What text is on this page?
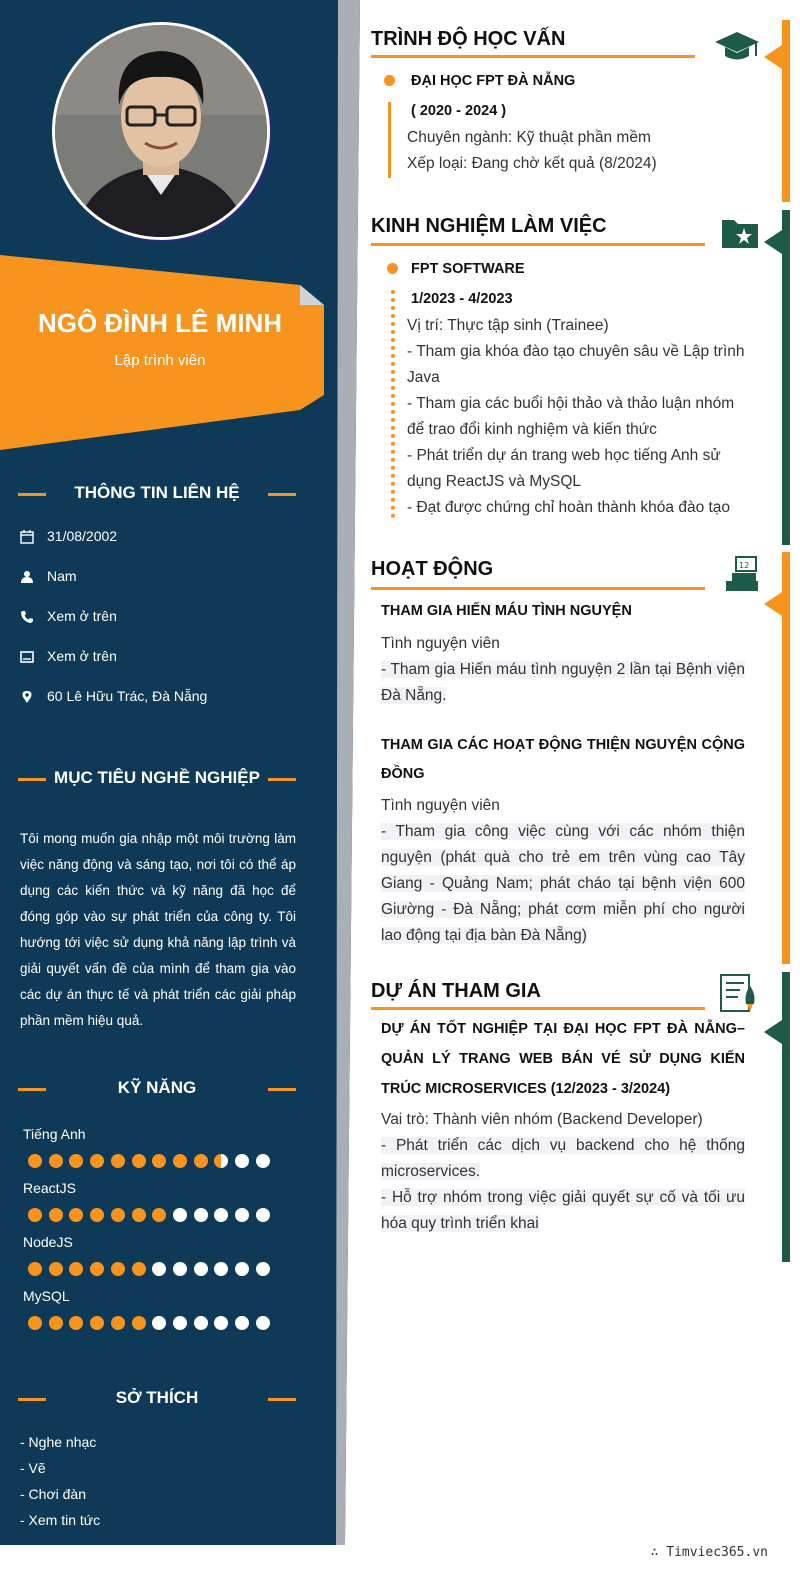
NGÔ ĐÌNH LÊ MINH
Lập trình viên
THÔNG TIN LIÊN HỆ
31/08/2002
Nam
Xem ở trên
Xem ở trên
60 Lê Hữu Trác, Đà Nẵng
MỤC TIÊU NGHỀ NGHIỆP
Tôi mong muốn gia nhập một môi trường làm việc năng động và sáng tạo, nơi tôi có thể áp dụng các kiến thức và kỹ năng đã học để đóng góp vào sự phát triển của công ty. Tôi hướng tới việc sử dụng khả năng lập trình và giải quyết vấn đề của mình để tham gia vào các dự án thực tế và phát triển các giải pháp phần mềm hiệu quả.
KỸ NĂNG
Tiếng Anh
ReactJS
NodeJS
MySQL
SỞ THÍCH
- Nghe nhạc
- Vẽ
- Chơi đàn
- Xem tin tức
TRÌNH ĐỘ HỌC VẤN
ĐẠI HỌC FPT ĐÀ NẴNG
( 2020 - 2024 )
Chuyên ngành: Kỹ thuật phần mềm
Xếp loại: Đang chờ kết quả (8/2024)
KINH NGHIỆM LÀM VIỆC
FPT SOFTWARE
1/2023 - 4/2023
Vị trí: Thực tập sinh (Trainee)
- Tham gia khóa đào tạo chuyên sâu về Lập trình
Java
- Tham gia các buổi hội thảo và thảo luận nhóm
để trao đổi kinh nghiệm và kiến thức
- Phát triển dự án trang web học tiếng Anh sử
dụng ReactJS và MySQL
- Đạt được chứng chỉ hoàn thành khóa đào tạo
HOẠT ĐỘNG	12
THAM GIA HIẾN MÁU TÌNH NGUYỆN
Tình nguyện viên
- Tham gia Hiến máu tình nguyện 2 lần tại Bệnh viện Đà Nẵng.
THAM GIA CÁC HOẠT ĐỘNG THIỆN NGUYỆN CỘNG ĐỒNG
Tình nguyện viên
- Tham gia công việc cùng với các nhóm thiện nguyện (phát quà cho trẻ em trên vùng cao Tây Giang - Quảng Nam; phát cháo tại bệnh viện 600 Giường - Đà Nẵng; phát cơm miễn phí cho người lao động tại địa bàn Đà Nẵng)
DỰ ÁN THAM GIA
DỰ ÁN TỐT NGHIỆP TẠI ĐẠI HỌC FPT ĐÀ NẴNG– QUẢN LÝ TRANG WEB BÁN VÉ SỬ DỤNG KIẾN TRÚC MICROSERVICES (12/2023 - 3/2024)
Vai trò: Thành viên nhóm (Backend Developer)
- Phát triển các dịch vụ backend cho hệ thống microservices.
- Hỗ trợ nhóm trong việc giải quyết sự cố và tối ưu hóa quy trình triển khai
∴ Timviec365.vn
